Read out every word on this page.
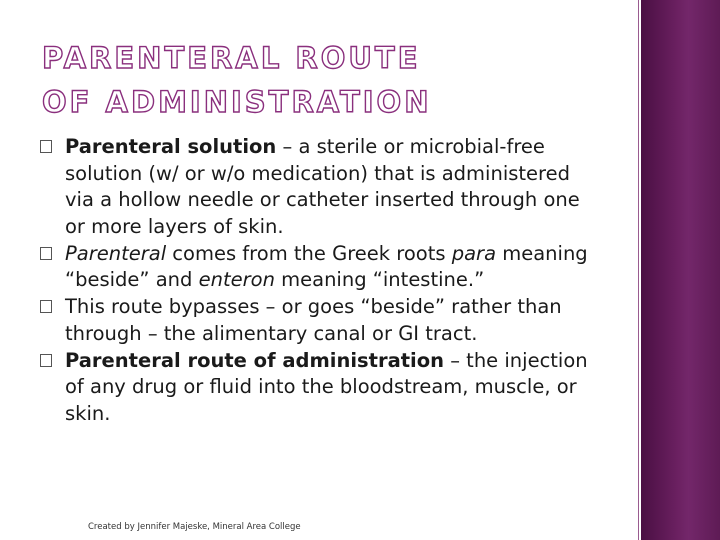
PARENTERAL ROUTE OF ADMINISTRATION
Parenteral solution – a sterile or microbial-free solution (w/ or w/o medication) that is administered via a hollow needle or catheter inserted through one or more layers of skin.
Parenteral comes from the Greek roots para meaning “beside” and enteron meaning “intestine.”
This route bypasses – or goes “beside” rather than through – the alimentary canal or GI tract.
Parenteral route of administration – the injection of any drug or fluid into the bloodstream, muscle, or skin.
Created by Jennifer Majeske, Mineral Area College
